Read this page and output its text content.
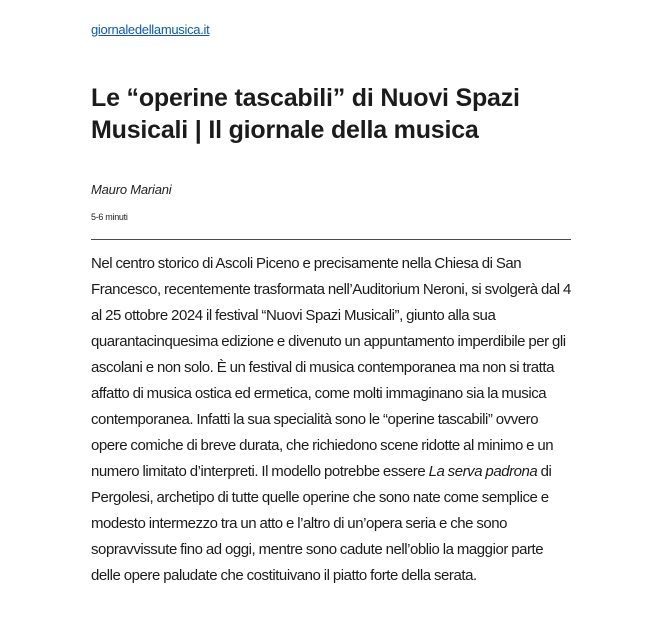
giornaledellamusica.it
Le “operine tascabili” di Nuovi Spazi Musicali | Il giornale della musica
Mauro Mariani
5-6 minuti

Nel centro storico di Ascoli Piceno e precisamente nella Chiesa di San Francesco, recentemente trasformata nell’Auditorium Neroni, si svolgerà dal 4 al 25 ottobre 2024 il festival “Nuovi Spazi Musicali”, giunto alla sua quarantacinquesima edizione e divenuto un appuntamento imperdibile per gli ascolani e non solo. È un festival di musica contemporanea ma non si tratta affatto di musica ostica ed ermetica, come molti immaginano sia la musica contemporanea. Infatti la sua specialità sono le “operine tascabili” ovvero opere comiche di breve durata, che richiedono scene ridotte al minimo e un numero limitato d’interpreti. Il modello potrebbe essere La serva padrona di Pergolesi, archetipo di tutte quelle operine che sono nate come semplice e modesto intermezzo tra un atto e l’altro di un’opera seria e che sono sopravvissute fino ad oggi, mentre sono cadute nell’oblio la maggior parte delle opere paludate che costituivano il piatto forte della serata.
